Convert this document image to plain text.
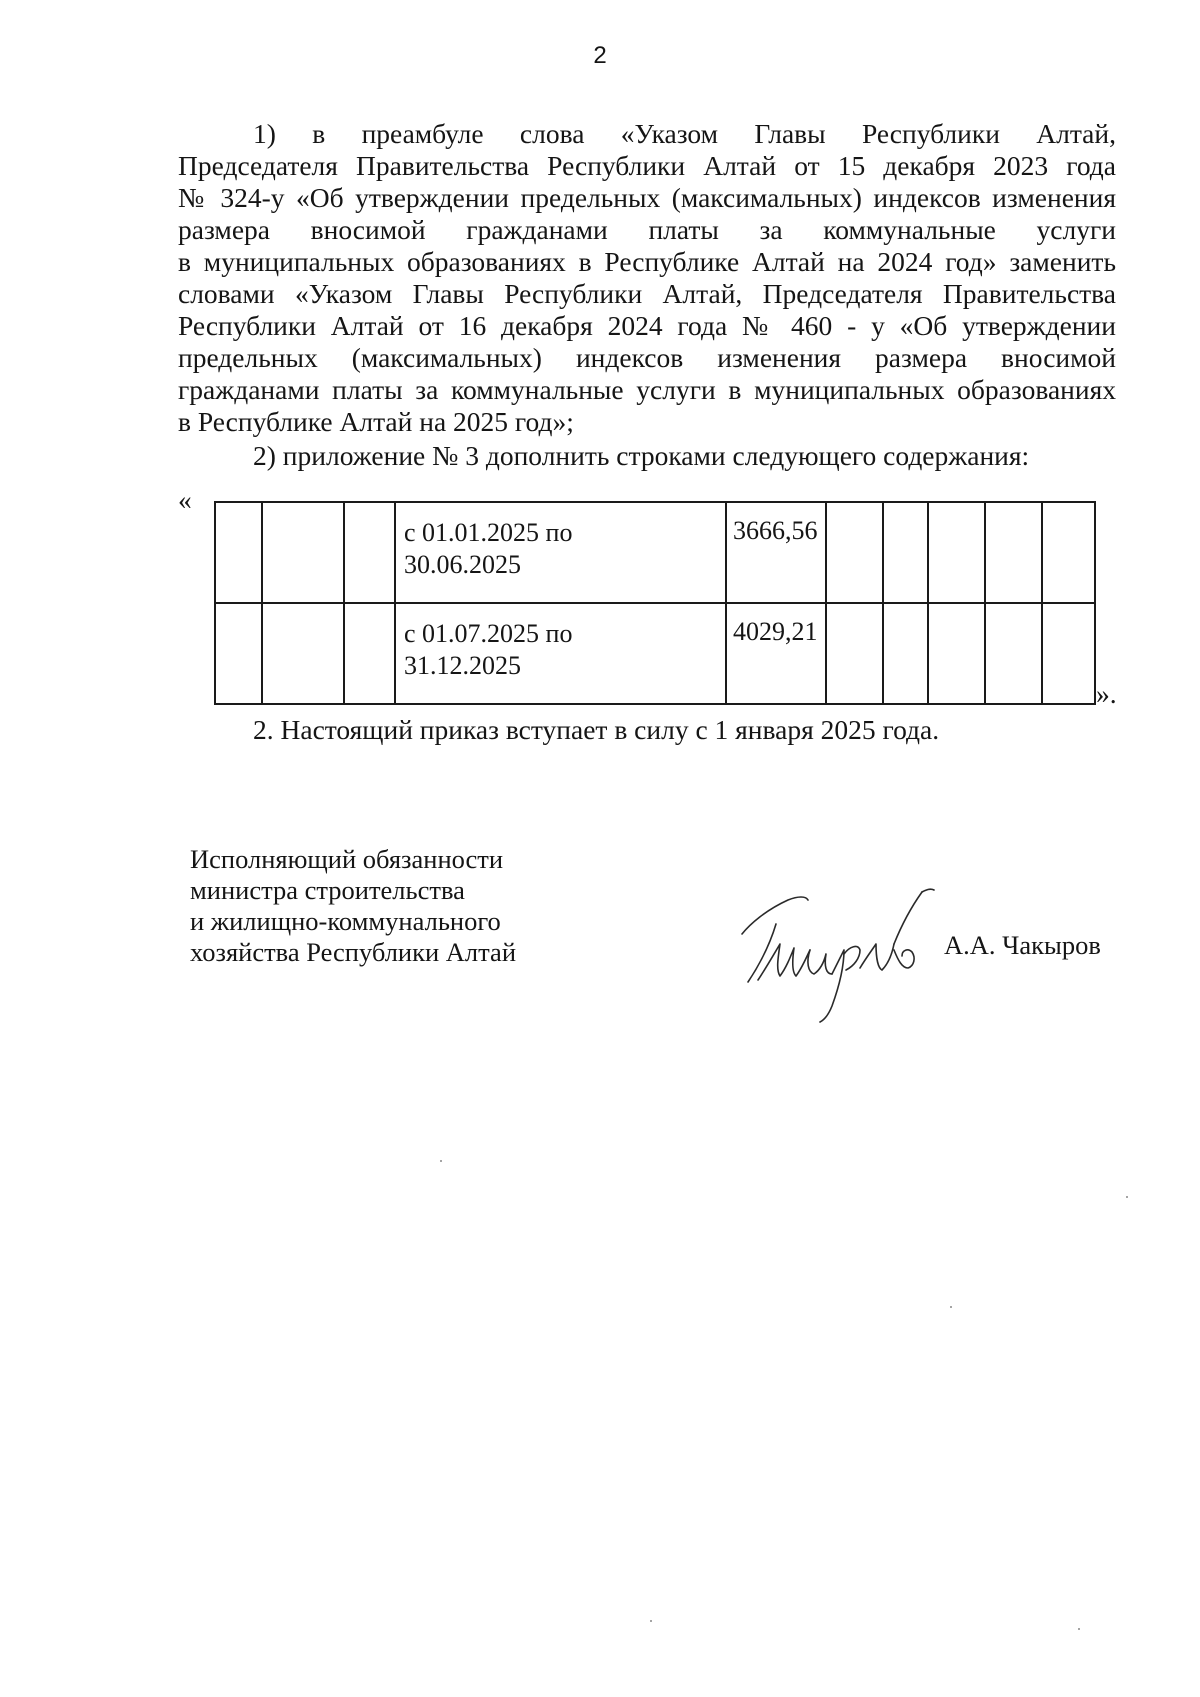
2
1) в преамбуле слова «Указом Главы Республики Алтай,
Председателя Правительства Республики Алтай от 15 декабря 2023 года
№ 324-у «Об утверждении предельных (максимальных) индексов изменения
размера вносимой гражданами платы за коммунальные услуги
в муниципальных образованиях в Республике Алтай на 2024 год» заменить
словами «Указом Главы Республики Алтай, Председателя Правительства
Республики Алтай от 16 декабря 2024 года № 460 - у «Об утверждении
предельных (максимальных) индексов изменения размера вносимой
гражданами платы за коммунальные услуги в муниципальных образованиях
в Республике Алтай на 2025 год»;
2) приложение № 3 дополнить строками следующего содержания:
«

			с 01.01.2025 по
30.06.2025	3666,56					

			с 01.07.2025 по
31.12.2025	4029,21					
».
2. Настоящий приказ вступает в силу с 1 января 2025 года.
Исполняющий обязанности
министра строительства
и жилищно-коммунального
хозяйства Республики Алтай	А.А. Чакыров
